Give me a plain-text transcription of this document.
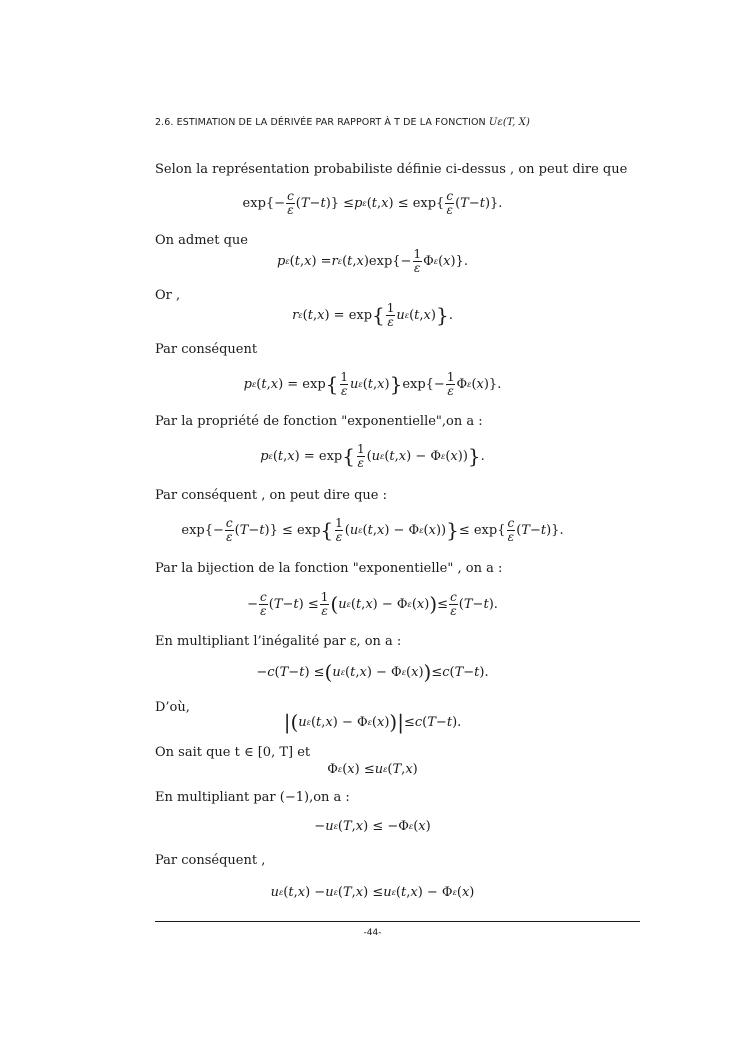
2.6. ESTIMATION DE LA DÉRIVÉE PAR RAPPORT À T DE LA FONCTION Uε(T, X)
Selon la représentation probabiliste définie ci-dessus , on peut dire que
$\exp\{- \frac{c}{\varepsilon}$ ( T − t )} ≤ p ε ( t , x ) ≤ $\exp\{ \frac{c}{\varepsilon}$ ( T − t )}.
On admet que
p ε ( t , x ) = r ε ( t , x )$\exp\{- \frac{1}{\varepsilon}$ Φ ε ( x )}.
Or ,
r ε ( t , x ) = exp { $\frac{1}{\varepsilon}$ u ε ( t , x ) } .
Par conséquent
p ε ( t , x ) = exp { $\frac{1}{\varepsilon}$ u ε ( t , x ) } $\exp\{- \frac{1}{\varepsilon}$ Φ ε ( x )}.
Par la propriété de fonction "exponentielle",on a :
p ε ( t , x ) = exp { $\frac{1}{\varepsilon}$ ( u ε ( t , x ) − Φ ε ( x )) } .
Par conséquent , on peut dire que :
$\exp\{- \frac{c}{\varepsilon}$ ( T − t )} ≤ exp { $\frac{1}{\varepsilon}$ ( u ε ( t , x ) − Φ ε ( x )) } ≤ $\exp\{ \frac{c}{\varepsilon}$ ( T − t )}.
Par la bijection de la fonction "exponentielle" , on a :
− $\frac{c}{\varepsilon}$ ( T − t ) ≤ $\frac{1}{\varepsilon}$ ( u ε ( t , x ) − Φ ε ( x ) ) ≤ $\frac{c}{\varepsilon}$ ( T − t ).
En multipliant l’inégalité par ε, on a :
− c ( T − t ) ≤ ( u ε ( t , x ) − Φ ε ( x ) ) ≤ c ( T − t ).
D’où,
| ( u ε ( t , x ) − Φ ε ( x ) ) | ≤ c ( T − t ).
On sait que t ∈ [0, T] et
Φ ε ( x ) ≤ u ε ( T , x )
En multipliant par (−1),on a :
− u ε ( T , x ) ≤ −Φ ε ( x )
Par conséquent ,
u ε ( t , x ) − u ε ( T , x ) ≤ u ε ( t , x ) − Φ ε ( x )
-44-
